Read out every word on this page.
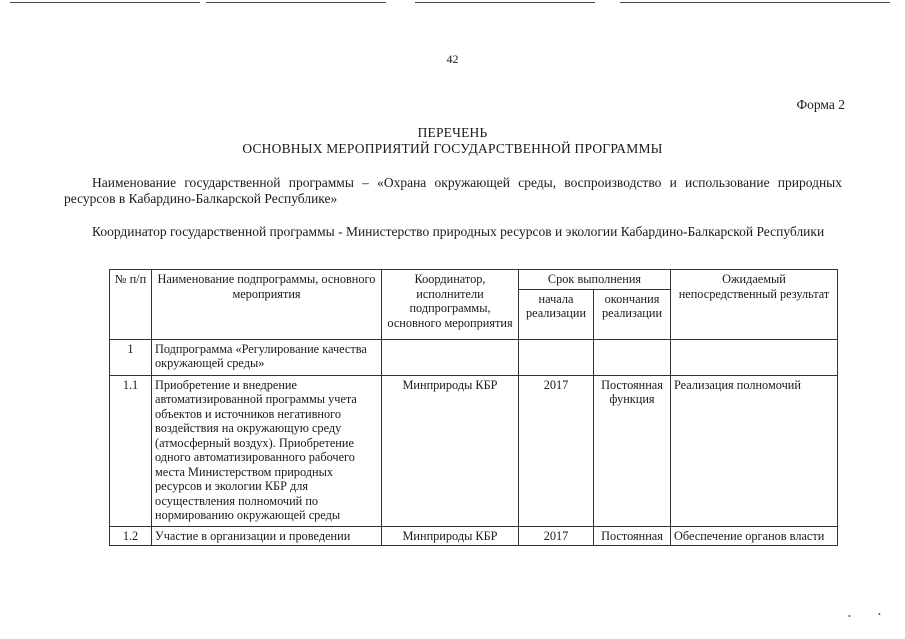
42
Форма 2
ПЕРЕЧЕНЬ
ОСНОВНЫХ МЕРОПРИЯТИЙ ГОСУДАРСТВЕННОЙ ПРОГРАММЫ
Наименование государственной программы – «Охрана окружающей среды, воспроизводство и использование природных ресурсов в Кабардино-Балкарской Республике»
Координатор государственной программы - Министерство природных ресурсов и экологии Кабардино-Балкарской Республики
№ п/п	Наименование подпрограммы, основного мероприятия	Координатор, исполнители подпрограммы, основного мероприятия	Срок выполнения		Ожидаемый непосредственный результат
			начала реализации	окончания реализации	
1	Подпрограмма «Регулирование качества окружающей среды»				
1.1	Приобретение и внедрение автоматизированной программы учета объектов и источников негативного воздействия на окружающую среду (атмосферный воздух). Приобретение одного автоматизированного рабочего места Министерством природных ресурсов и экологии КБР для осуществления полномочий по нормированию окружающей среды	Минприроды КБР	2017	Постоянная функция	Реализация полномочий
1.2	Участие в организации и проведении	Минприроды КБР	2017	Постоянная	Обеспечение органов власти
•	•
